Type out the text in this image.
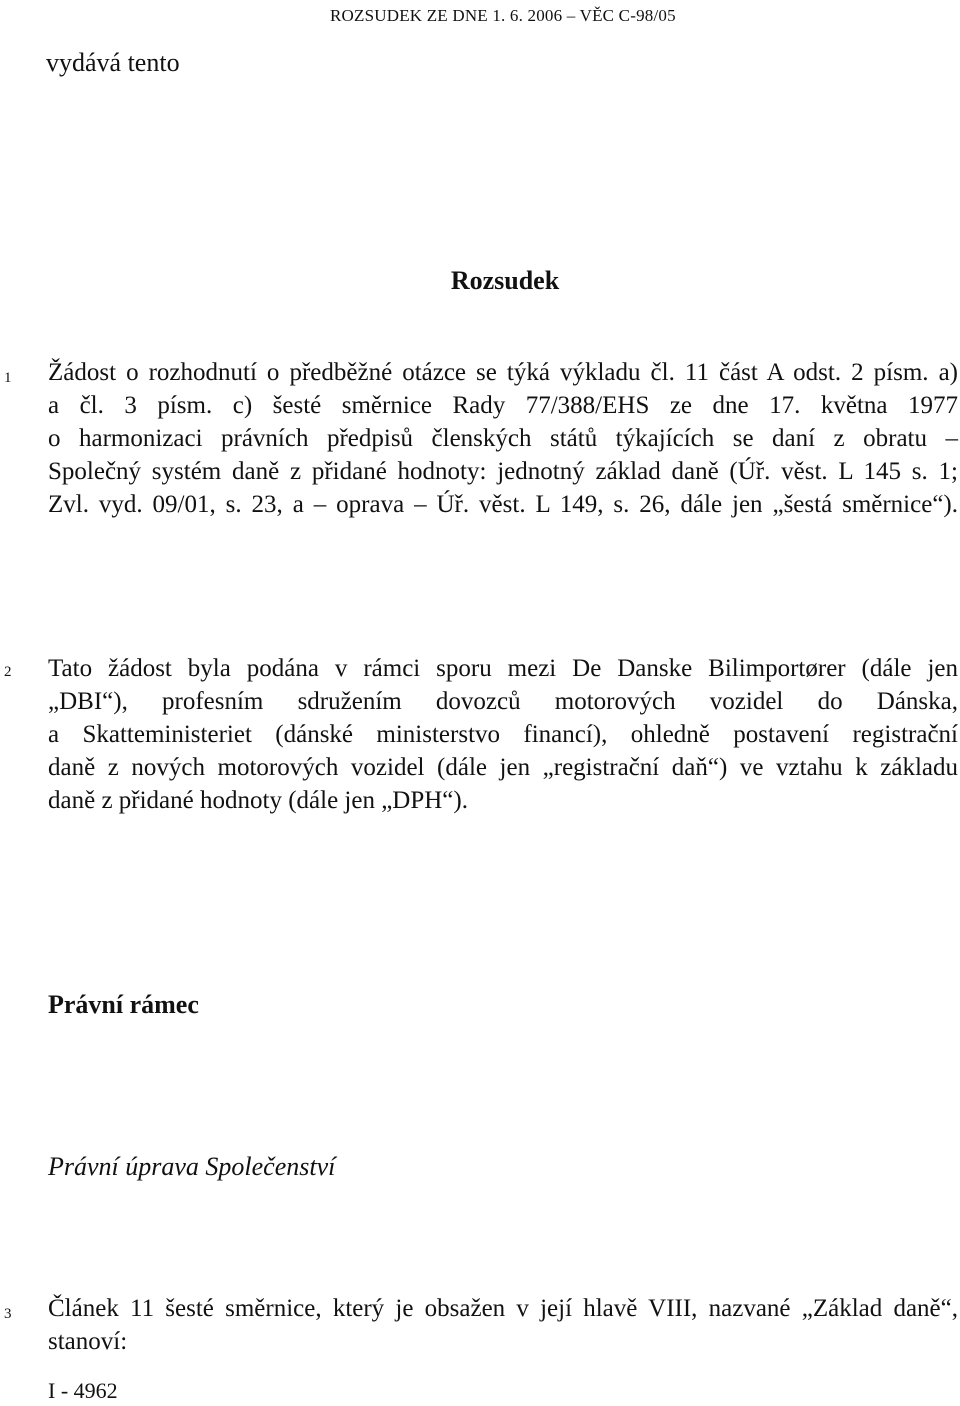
ROZSUDEK ZE DNE 1. 6. 2006 – VĚC C-98/05
vydává tento
Rozsudek
1 Žádost o rozhodnutí o předběžné otázce se týká výkladu čl. 11 část A odst. 2 písm. a)
a čl. 3 písm. c) šesté směrnice Rady 77/388/EHS ze dne 17. května 1977
o harmonizaci právních předpisů členských států týkajících se daní z obratu –
Společný systém daně z přidané hodnoty: jednotný základ daně (Úř. věst. L 145 s. 1;
Zvl. vyd. 09/01, s. 23, a – oprava – Úř. věst. L 149, s. 26, dále jen „šestá směrnice“).
2 Tato žádost byla podána v rámci sporu mezi De Danske Bilimportører (dále jen
„DBI“), profesním sdružením dovozců motorových vozidel do Dánska,
a Skatteministeriet (dánské ministerstvo financí), ohledně postavení registrační
daně z nových motorových vozidel (dále jen „registrační daň“) ve vztahu k základu
daně z přidané hodnoty (dále jen „DPH“).
Právní rámec
Právní úprava Společenství
3 Článek 11 šesté směrnice, který je obsažen v její hlavě VIII, nazvané „Základ daně“,
stanoví:
I - 4962
